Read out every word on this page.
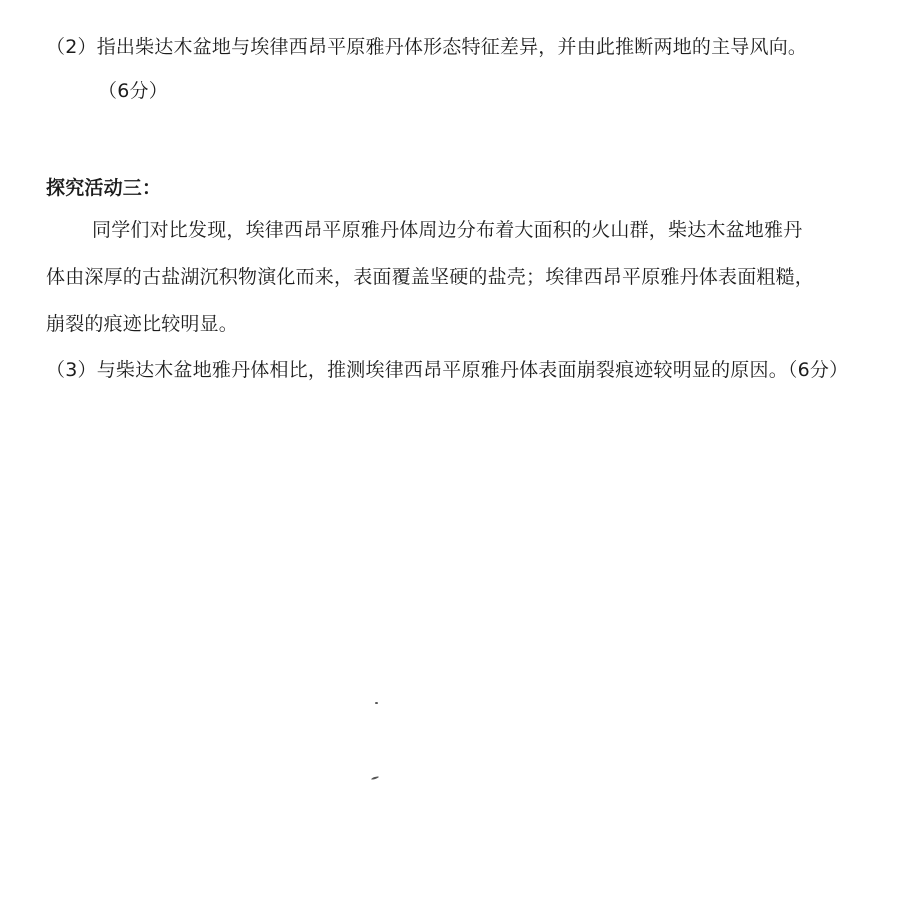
（2）指出柴达木盆地与埃律西昂平原雅丹体形态特征差异，并由此推断两地的主导风向。
（6分）
探究活动三：
同学们对比发现，埃律西昂平原雅丹体周边分布着大面积的火山群，柴达木盆地雅丹
体由深厚的古盐湖沉积物演化而来，表面覆盖坚硬的盐壳；埃律西昂平原雅丹体表面粗糙，
崩裂的痕迹比较明显。
（3）与柴达木盆地雅丹体相比，推测埃律西昂平原雅丹体表面崩裂痕迹较明显的原因。（6分）
